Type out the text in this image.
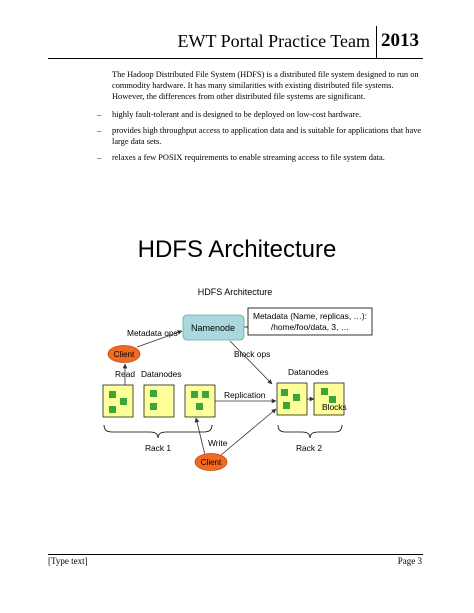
EWT Portal Practice Team 2013
The Hadoop Distributed File System (HDFS) is a distributed file system designed to run on commodity hardware. It has many similarities with existing distributed file systems. However, the differences from other distributed file systems are significant.
– highly fault-tolerant and is designed to be deployed on low-cost hardware.
– provides high throughput access to application data and is suitable for applications that have large data sets.
– relaxes a few POSIX requirements to enable streaming access to file system data.
HDFS Architecture
HDFS Architecture
Metadata (Name, replicas, …):
/home/foo/data, 3, …
Namenode
Metadata ops
Client
Read Datanodes
Block ops
Datanodes
Blocks
Replication
Rack 1	Rack 2
Write
Client
[Type text]	Page 3
